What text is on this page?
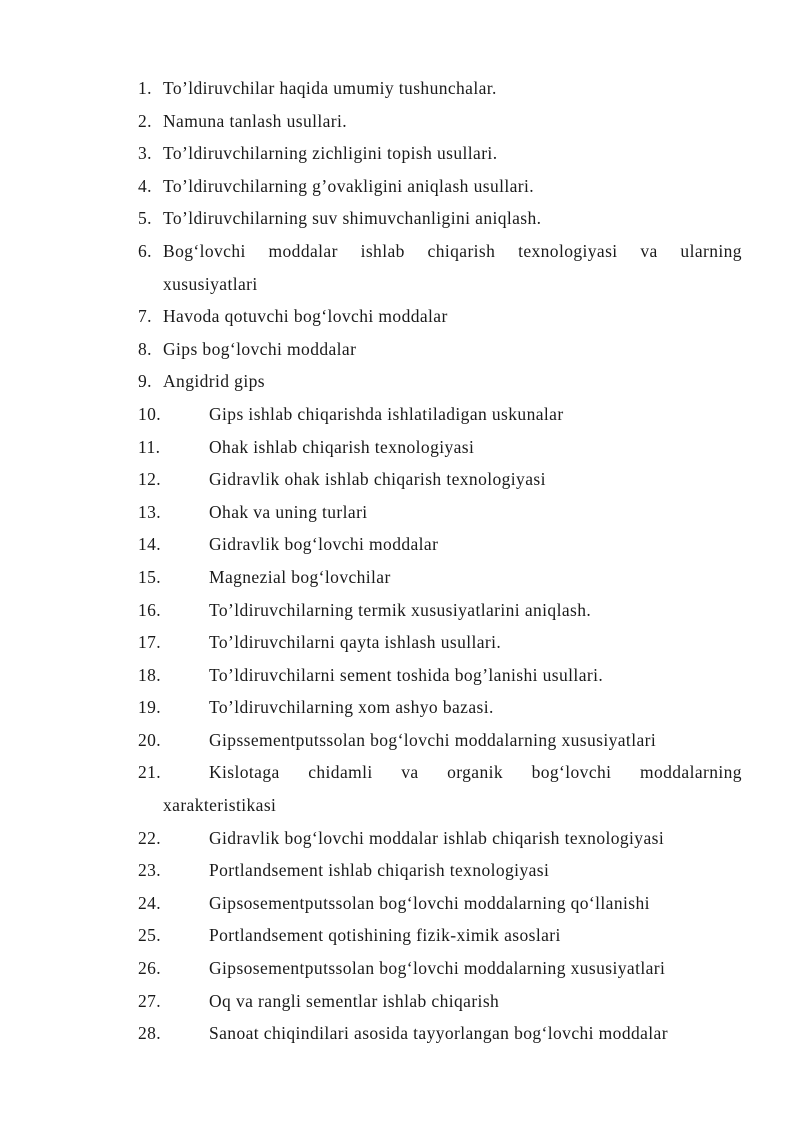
1. To’ldiruvchilar haqida umumiy tushunchalar.
2. Namuna tanlash usullari.
3. To’ldiruvchilarning zichligini topish usullari.
4. To’ldiruvchilarning g’ovakligini aniqlash usullari.
5. To’ldiruvchilarning suv shimuvchanligini aniqlash.
6. Bog‘lovchi moddalar ishlab chiqarish texnologiyasi va ularning
xususiyatlari
7. Havoda qotuvchi bog‘lovchi moddalar
8. Gips bog‘lovchi moddalar
9. Angidrid gips
10.	Gips ishlab chiqarishda ishlatiladigan uskunalar
11.	Ohak ishlab chiqarish texnologiyasi
12.	Gidravlik ohak ishlab chiqarish texnologiyasi
13.	Ohak va uning turlari
14.	Gidravlik bog‘lovchi moddalar
15.	Magnezial bog‘lovchilar
16.	To’ldiruvchilarning termik xususiyatlarini aniqlash.
17.	To’ldiruvchilarni qayta ishlash usullari.
18.	To’ldiruvchilarni sement toshida bog’lanishi usullari.
19.	To’ldiruvchilarning xom ashyo bazasi.
20.	Gipssementputssolan bog‘lovchi moddalarning xususiyatlari
21.	Kislotaga chidamli va organik bog‘lovchi moddalarning
xarakteristikasi
22.	Gidravlik bog‘lovchi moddalar ishlab chiqarish texnologiyasi
23.	Portlandsement ishlab chiqarish texnologiyasi
24.	Gipsosementputssolan bog‘lovchi moddalarning qo‘llanishi
25.	Portlandsement qotishining fizik-ximik asoslari
26.	Gipsosementputssolan bog‘lovchi moddalarning xususiyatlari
27.	Oq va rangli sementlar ishlab chiqarish
28.	Sanoat chiqindilari asosida tayyorlangan bog‘lovchi moddalar
